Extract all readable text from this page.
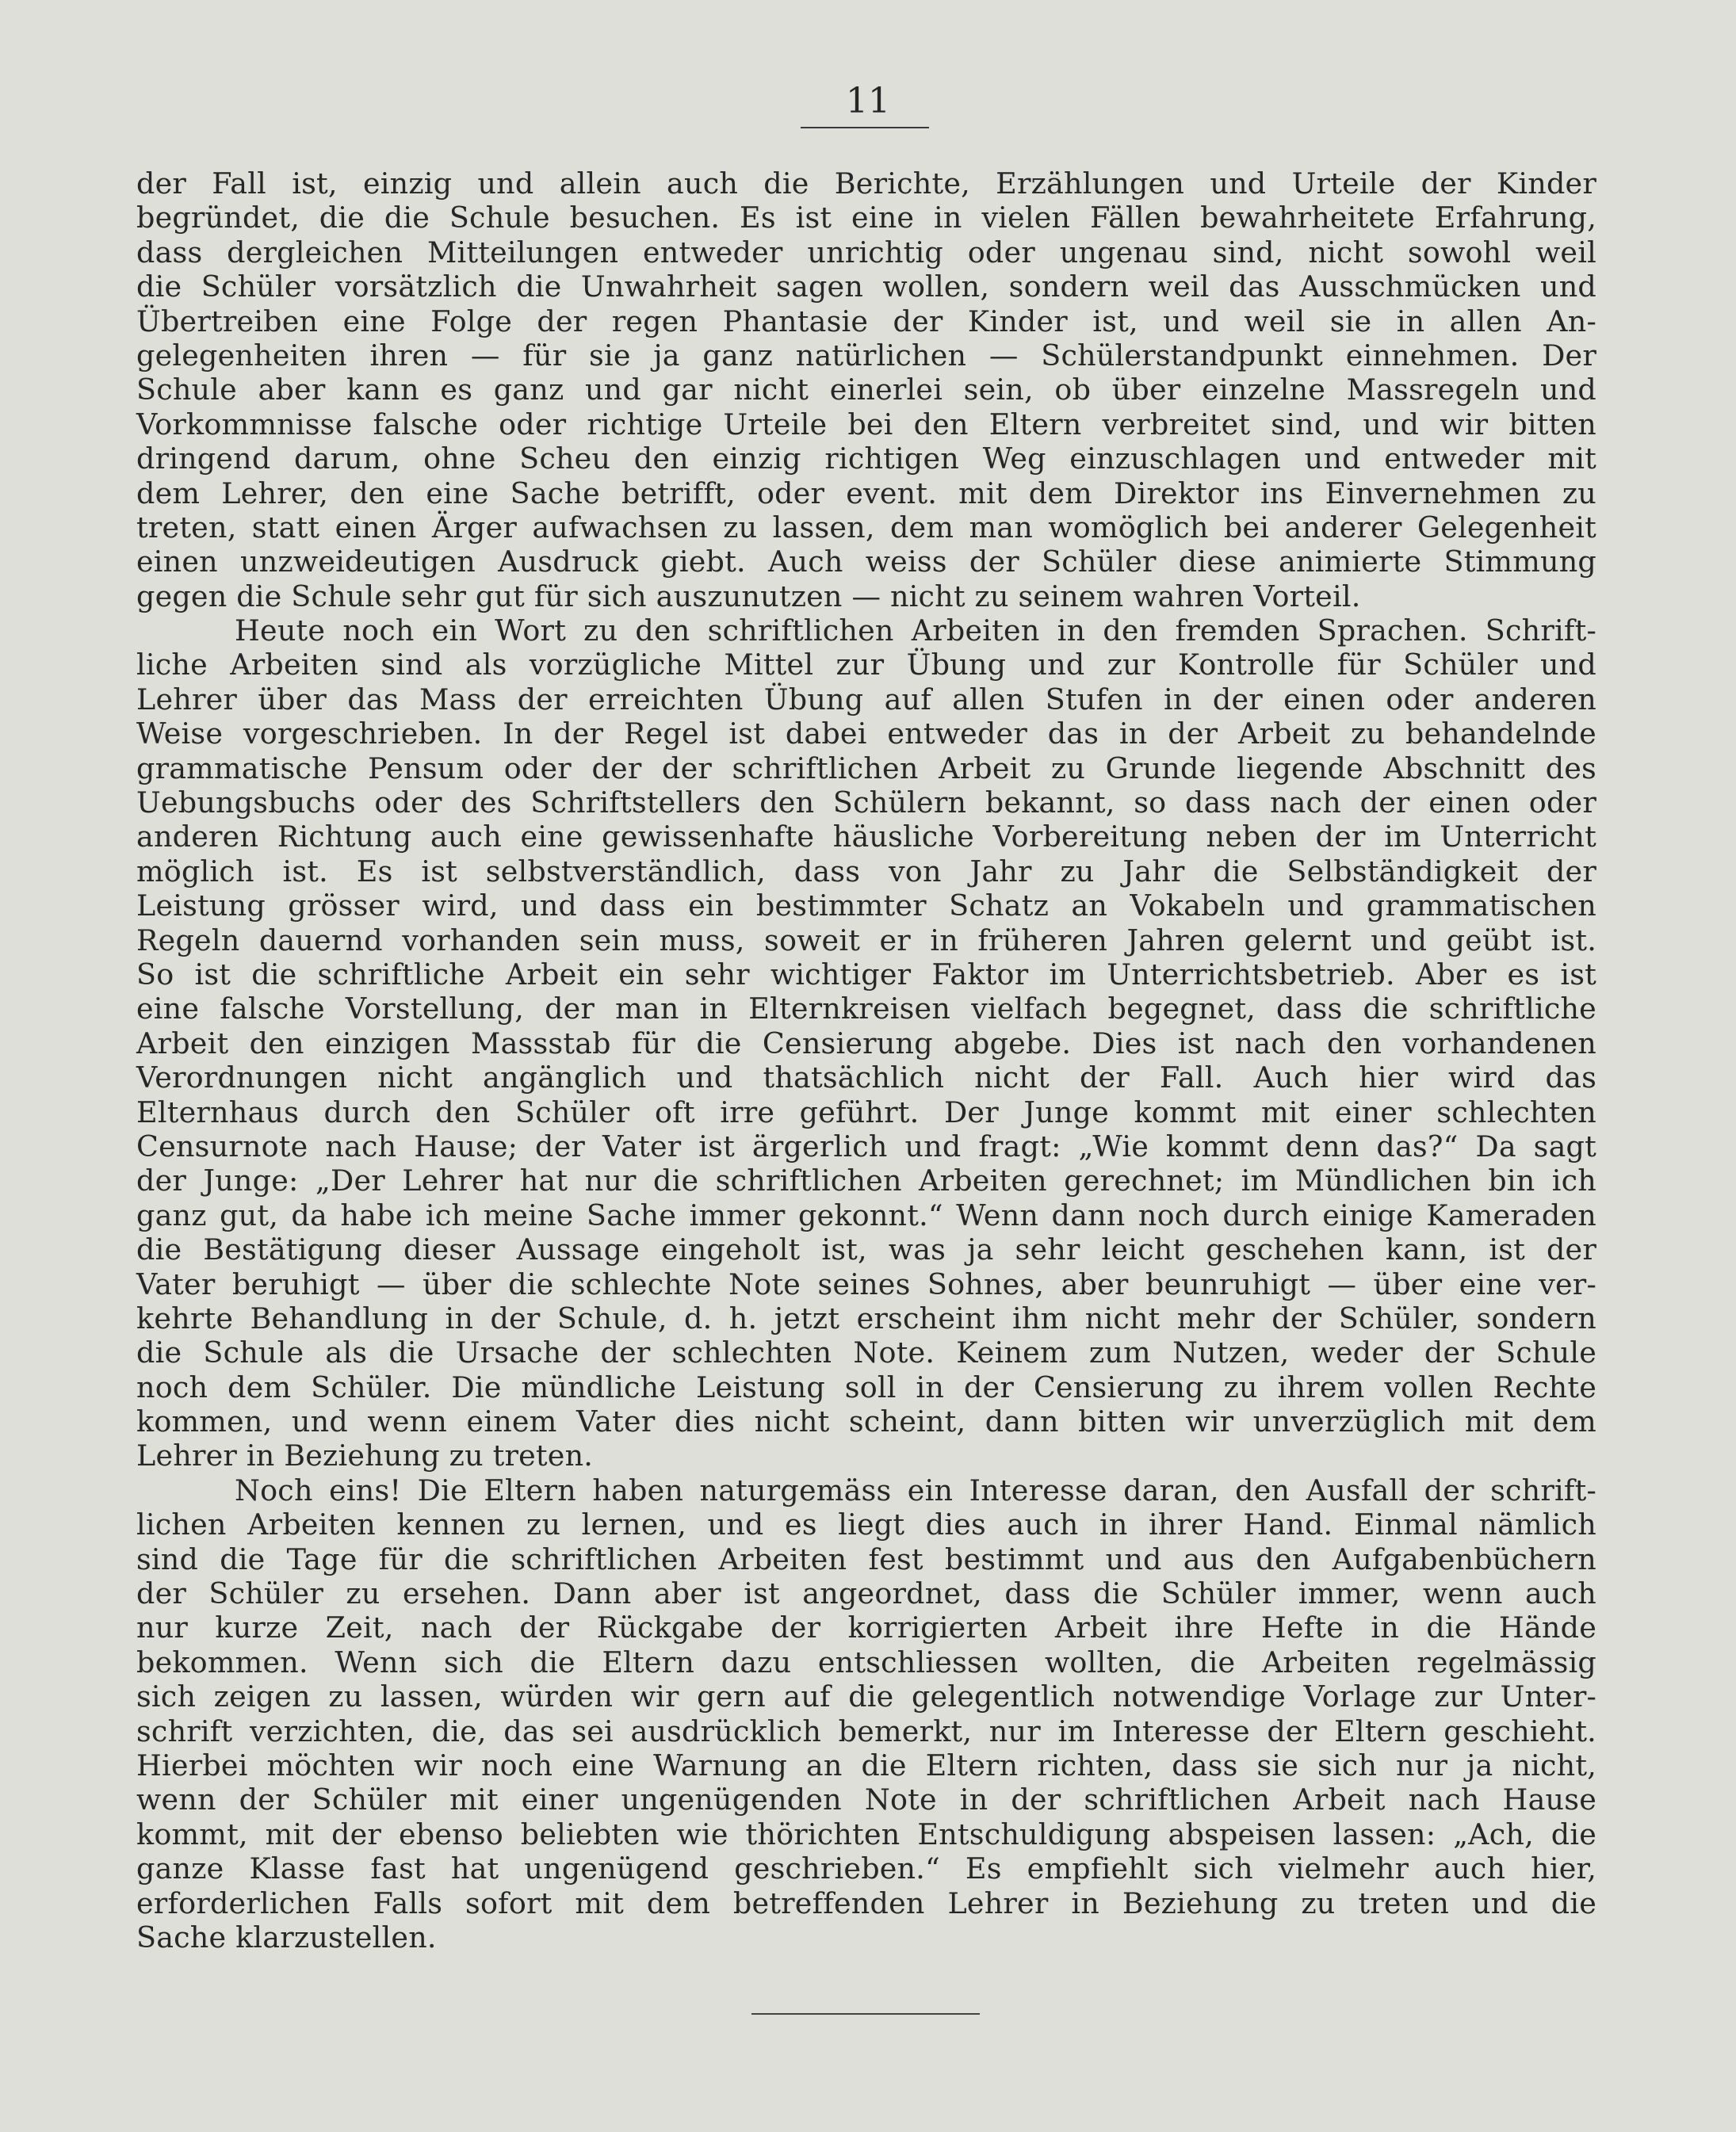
11
der Fall ist, einzig und allein auch die Berichte, Erzählungen und Urteile der Kinder
begründet, die die Schule besuchen. Es ist eine in vielen Fällen bewahrheitete Erfahrung,
dass dergleichen Mitteilungen entweder unrichtig oder ungenau sind, nicht sowohl weil
die Schüler vorsätzlich die Unwahrheit sagen wollen, sondern weil das Ausschmücken und
Übertreiben eine Folge der regen Phantasie der Kinder ist, und weil sie in allen An-
gelegenheiten ihren — für sie ja ganz natürlichen — Schülerstandpunkt einnehmen. Der
Schule aber kann es ganz und gar nicht einerlei sein, ob über einzelne Massregeln und
Vorkommnisse falsche oder richtige Urteile bei den Eltern verbreitet sind, und wir bitten
dringend darum, ohne Scheu den einzig richtigen Weg einzuschlagen und entweder mit
dem Lehrer, den eine Sache betrifft, oder event. mit dem Direktor ins Einvernehmen zu
treten, statt einen Ärger aufwachsen zu lassen, dem man womöglich bei anderer Gelegenheit
einen unzweideutigen Ausdruck giebt. Auch weiss der Schüler diese animierte Stimmung
gegen die Schule sehr gut für sich auszunutzen — nicht zu seinem wahren Vorteil.
Heute noch ein Wort zu den schriftlichen Arbeiten in den fremden Sprachen. Schrift-
liche Arbeiten sind als vorzügliche Mittel zur Übung und zur Kontrolle für Schüler und
Lehrer über das Mass der erreichten Übung auf allen Stufen in der einen oder anderen
Weise vorgeschrieben. In der Regel ist dabei entweder das in der Arbeit zu behandelnde
grammatische Pensum oder der der schriftlichen Arbeit zu Grunde liegende Abschnitt des
Uebungsbuchs oder des Schriftstellers den Schülern bekannt, so dass nach der einen oder
anderen Richtung auch eine gewissenhafte häusliche Vorbereitung neben der im Unterricht
möglich ist. Es ist selbstverständlich, dass von Jahr zu Jahr die Selbständigkeit der
Leistung grösser wird, und dass ein bestimmter Schatz an Vokabeln und grammatischen
Regeln dauernd vorhanden sein muss, soweit er in früheren Jahren gelernt und geübt ist.
So ist die schriftliche Arbeit ein sehr wichtiger Faktor im Unterrichtsbetrieb. Aber es ist
eine falsche Vorstellung, der man in Elternkreisen vielfach begegnet, dass die schriftliche
Arbeit den einzigen Massstab für die Censierung abgebe. Dies ist nach den vorhandenen
Verordnungen nicht angänglich und thatsächlich nicht der Fall. Auch hier wird das
Elternhaus durch den Schüler oft irre geführt. Der Junge kommt mit einer schlechten
Censurnote nach Hause; der Vater ist ärgerlich und fragt: „Wie kommt denn das?“ Da sagt
der Junge: „Der Lehrer hat nur die schriftlichen Arbeiten gerechnet; im Mündlichen bin ich
ganz gut, da habe ich meine Sache immer gekonnt.“ Wenn dann noch durch einige Kameraden
die Bestätigung dieser Aussage eingeholt ist, was ja sehr leicht geschehen kann, ist der
Vater beruhigt — über die schlechte Note seines Sohnes, aber beunruhigt — über eine ver-
kehrte Behandlung in der Schule, d. h. jetzt erscheint ihm nicht mehr der Schüler, sondern
die Schule als die Ursache der schlechten Note. Keinem zum Nutzen, weder der Schule
noch dem Schüler. Die mündliche Leistung soll in der Censierung zu ihrem vollen Rechte
kommen, und wenn einem Vater dies nicht scheint, dann bitten wir unverzüglich mit dem
Lehrer in Beziehung zu treten.
Noch eins! Die Eltern haben naturgemäss ein Interesse daran, den Ausfall der schrift-
lichen Arbeiten kennen zu lernen, und es liegt dies auch in ihrer Hand. Einmal nämlich
sind die Tage für die schriftlichen Arbeiten fest bestimmt und aus den Aufgabenbüchern
der Schüler zu ersehen. Dann aber ist angeordnet, dass die Schüler immer, wenn auch
nur kurze Zeit, nach der Rückgabe der korrigierten Arbeit ihre Hefte in die Hände
bekommen. Wenn sich die Eltern dazu entschliessen wollten, die Arbeiten regelmässig
sich zeigen zu lassen, würden wir gern auf die gelegentlich notwendige Vorlage zur Unter-
schrift verzichten, die, das sei ausdrücklich bemerkt, nur im Interesse der Eltern geschieht.
Hierbei möchten wir noch eine Warnung an die Eltern richten, dass sie sich nur ja nicht,
wenn der Schüler mit einer ungenügenden Note in der schriftlichen Arbeit nach Hause
kommt, mit der ebenso beliebten wie thörichten Entschuldigung abspeisen lassen: „Ach, die
ganze Klasse fast hat ungenügend geschrieben.“ Es empfiehlt sich vielmehr auch hier,
erforderlichen Falls sofort mit dem betreffenden Lehrer in Beziehung zu treten und die
Sache klarzustellen.
